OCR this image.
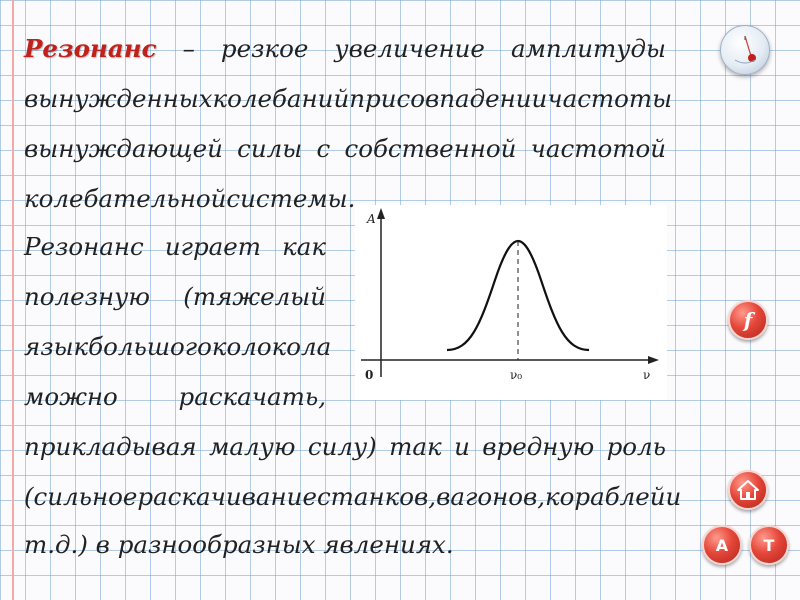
Резонанс – резкое увеличение амплитуды
вынужденных колебаний при совпадении частоты
вынуждающей силы с собственной частотой
колебательной системы.
Резонанс играет как
полезную (тяжелый
язык большого колокола
можно раскачать,
прикладывая малую силу) так и вредную роль
(сильное раскачивание станков, вагонов, кораблей и
т.д.) в разнообразных явлениях.
A
0	ν₀	ν
f
A T
